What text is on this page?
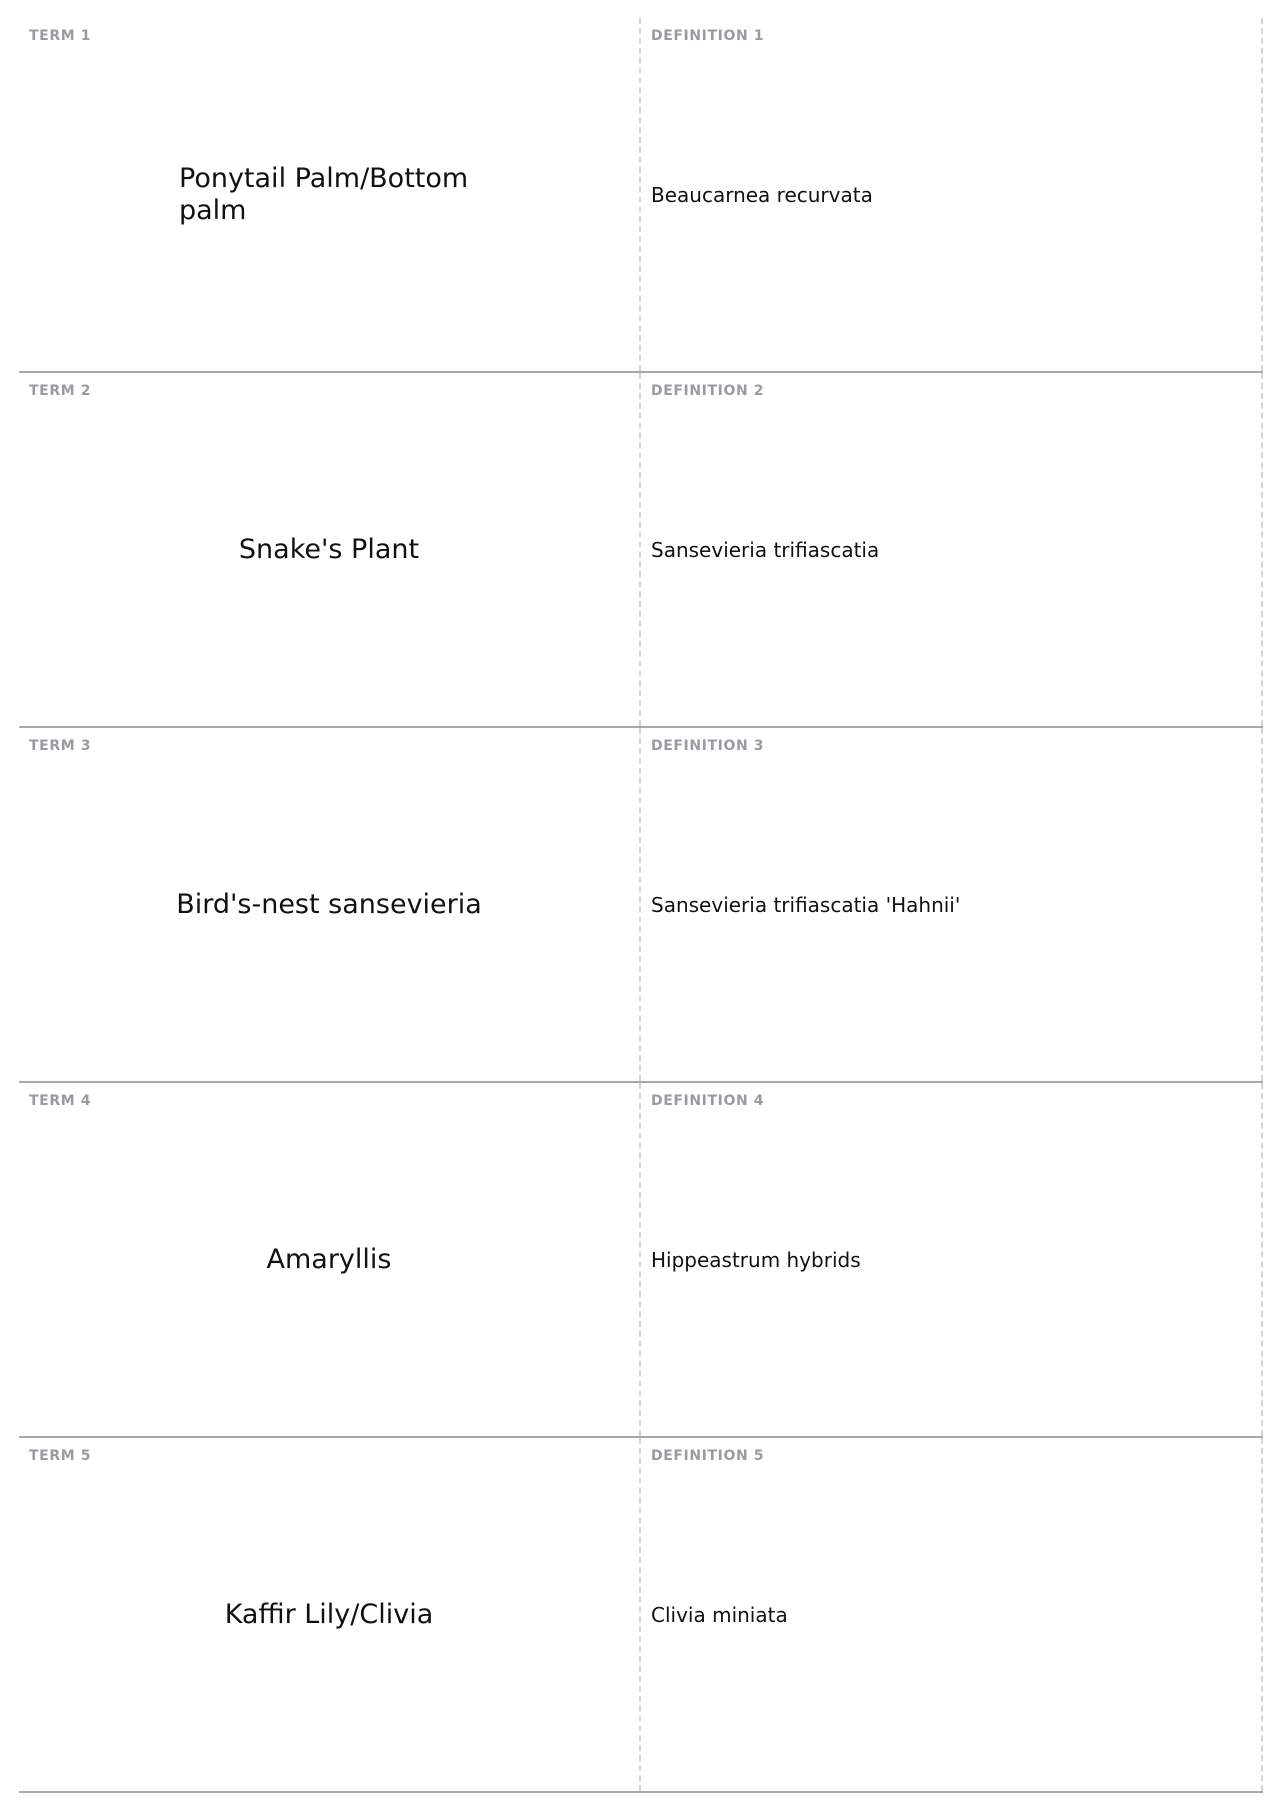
TERM 1
Ponytail Palm/Bottom palm
DEFINITION 1
Beaucarnea recurvata
TERM 2
Snake's Plant
DEFINITION 2
Sansevieria trifiascatia
TERM 3
Bird's-nest sansevieria
DEFINITION 3
Sansevieria trifiascatia 'Hahnii'
TERM 4
Amaryllis
DEFINITION 4
Hippeastrum hybrids
TERM 5
Kaffir Lily/Clivia
DEFINITION 5
Clivia miniata
